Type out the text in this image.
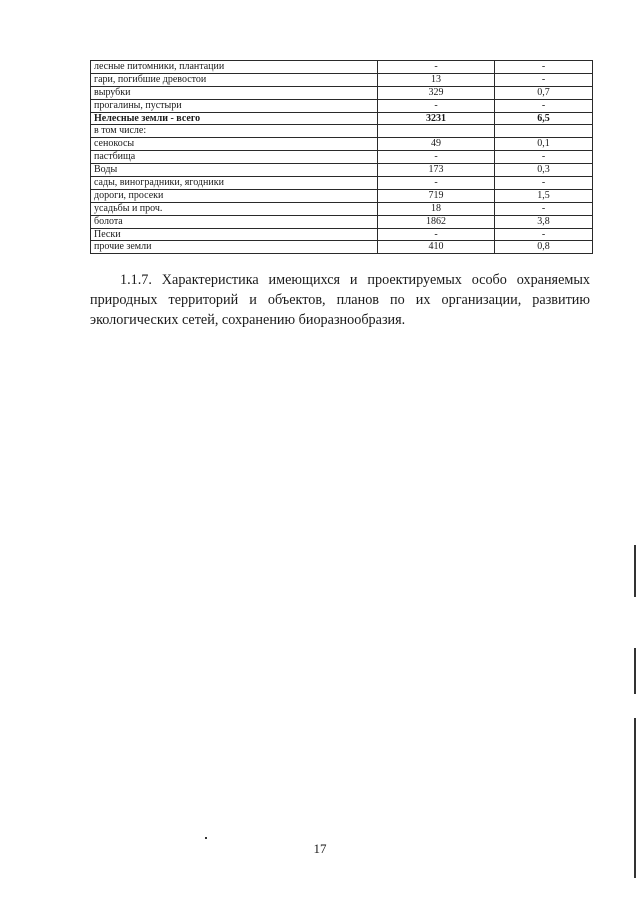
лесные питомники, плантации	-	-
гари, погибшие древостои	13	-
вырубки	329	0,7
прогалины, пустыри	-	-
Нелесные земли - всего	3231	6,5
в том числе:		
сенокосы	49	0,1
пастбища	-	-
Воды	173	0,3
сады, виноградники, ягодники	-	-
дороги, просеки	719	1,5
усадьбы и проч.	18	-
болота	1862	3,8
Пески	-	-
прочие земли	410	0,8

1.1.7. Характеристика имеющихся и проектируемых особо охраняемых природных территорий и объектов, планов по их организации, развитию экологических сетей, сохранению биоразнообразия.

17
